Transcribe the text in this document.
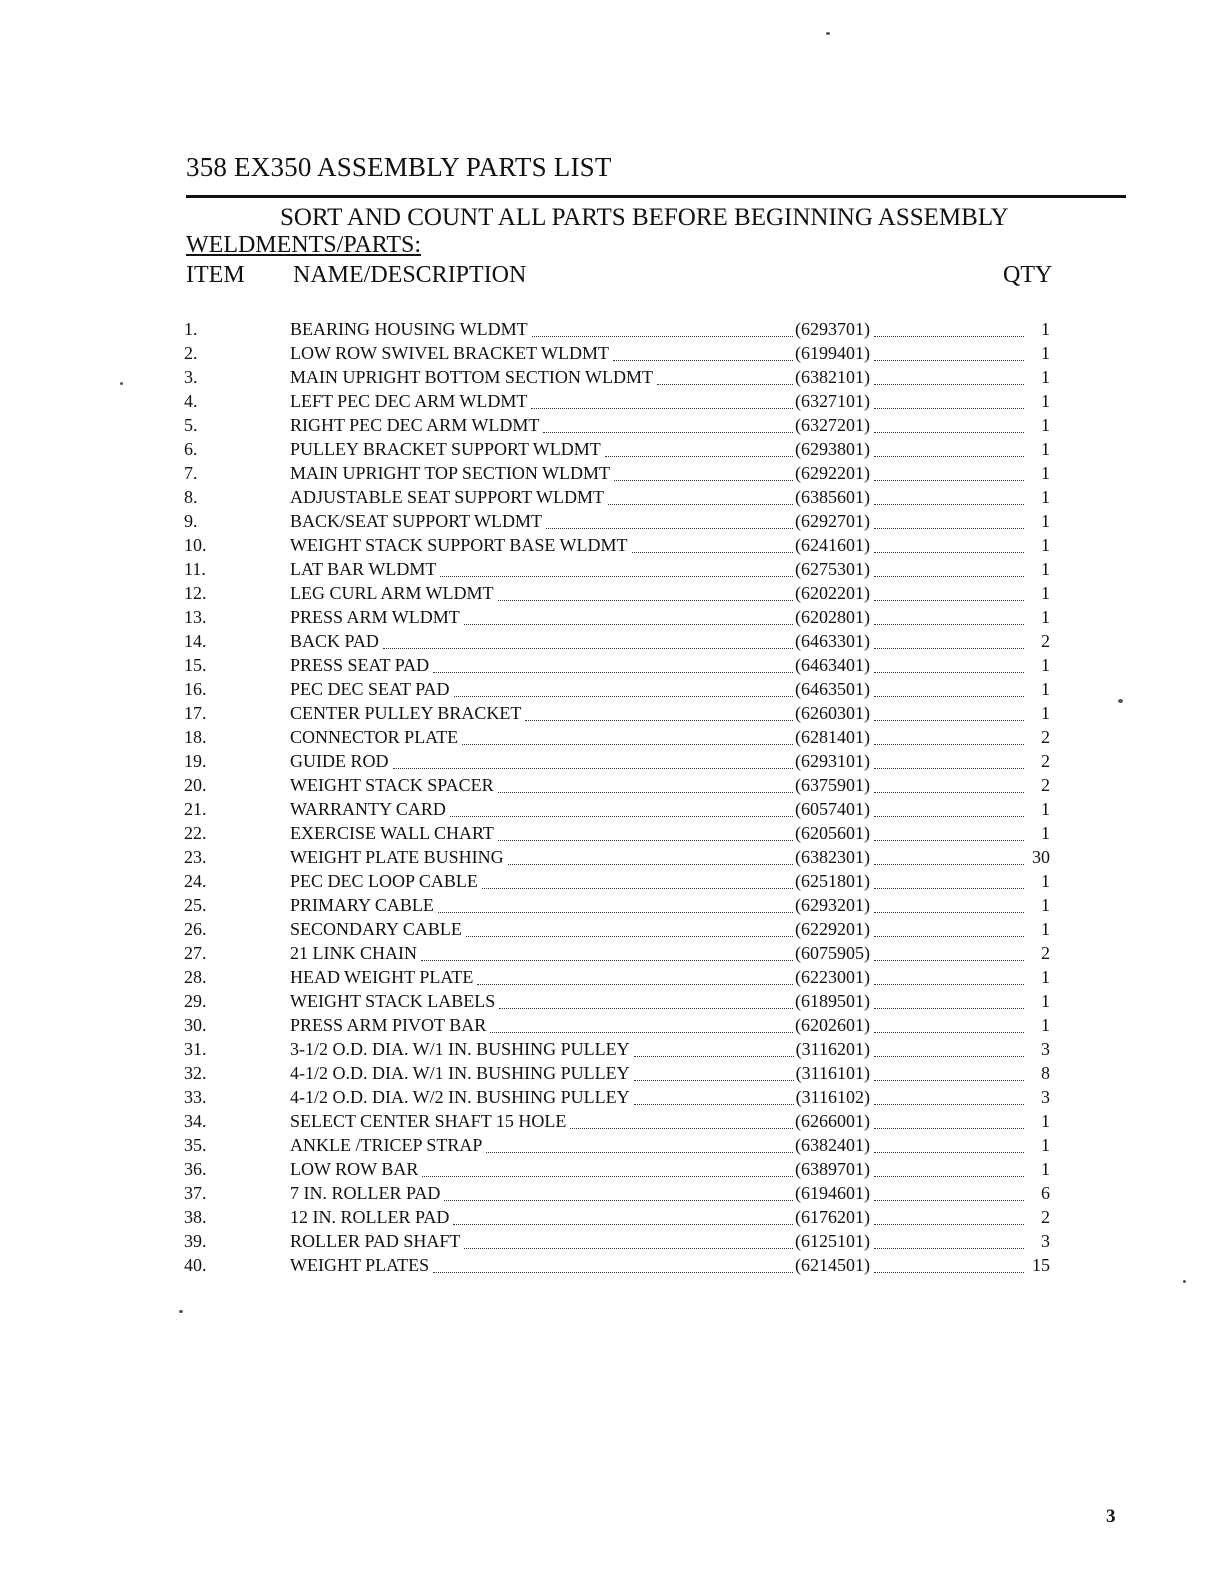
358 EX350 ASSEMBLY PARTS LIST
SORT AND COUNT ALL PARTS BEFORE BEGINNING ASSEMBLY
WELDMENTS/PARTS:
ITEM NAME/DESCRIPTION	QTY
1.	BEARING HOUSING WLDMT	(6293701)	1
2.	LOW ROW SWIVEL BRACKET WLDMT	(6199401)	1
3.	MAIN UPRIGHT BOTTOM SECTION WLDMT	(6382101)	1
4.	LEFT PEC DEC ARM WLDMT	(6327101)	1
5.	RIGHT PEC DEC ARM WLDMT	(6327201)	1
6.	PULLEY BRACKET SUPPORT WLDMT	(6293801)	1
7.	MAIN UPRIGHT TOP SECTION WLDMT	(6292201)	1
8.	ADJUSTABLE SEAT SUPPORT WLDMT	(6385601)	1
9.	BACK/SEAT SUPPORT WLDMT	(6292701)	1
10.	WEIGHT STACK SUPPORT BASE WLDMT	(6241601)	1
11.	LAT BAR WLDMT	(6275301)	1
12.	LEG CURL ARM WLDMT	(6202201)	1
13.	PRESS ARM WLDMT	(6202801)	1
14.	BACK PAD	(6463301)	2
15.	PRESS SEAT PAD	(6463401)	1
16.	PEC DEC SEAT PAD	(6463501)	1
17.	CENTER PULLEY BRACKET	(6260301)	1
18.	CONNECTOR PLATE	(6281401)	2
19.	GUIDE ROD	(6293101)	2
20.	WEIGHT STACK SPACER	(6375901)	2
21.	WARRANTY CARD	(6057401)	1
22.	EXERCISE WALL CHART	(6205601)	1
23.	WEIGHT PLATE BUSHING	(6382301)	30
24.	PEC DEC LOOP CABLE	(6251801)	1
25.	PRIMARY CABLE	(6293201)	1
26.	SECONDARY CABLE	(6229201)	1
27.	21 LINK CHAIN	(6075905)	2
28.	HEAD WEIGHT PLATE	(6223001)	1
29.	WEIGHT STACK LABELS	(6189501)	1
30.	PRESS ARM PIVOT BAR	(6202601)	1
31.	3-1/2 O.D. DIA. W/1 IN. BUSHING PULLEY	(3116201)	3
32.	4-1/2 O.D. DIA. W/1 IN. BUSHING PULLEY	(3116101)	8
33.	4-1/2 O.D. DIA. W/2 IN. BUSHING PULLEY	(3116102)	3
34.	SELECT CENTER SHAFT 15 HOLE	(6266001)	1
35.	ANKLE /TRICEP STRAP	(6382401)	1
36.	LOW ROW BAR	(6389701)	1
37.	7 IN. ROLLER PAD	(6194601)	6
38.	12 IN. ROLLER PAD	(6176201)	2
39.	ROLLER PAD SHAFT	(6125101)	3
40.	WEIGHT PLATES	(6214501)	15
3
